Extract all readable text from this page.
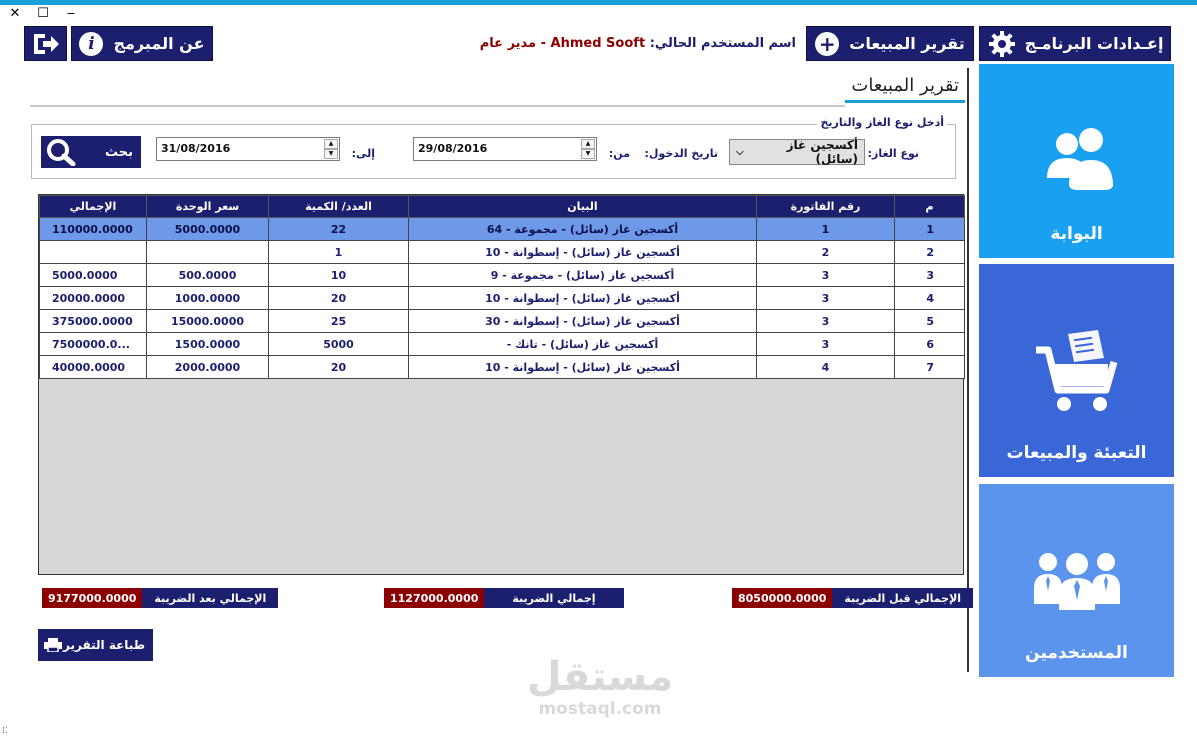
✕ ☐ ‒
i	عن المبرمج	اسم المستخدم الحالي: Ahmed Sooft - مدير عام	تقرير المبيعات
+	إعـدادات البرنامـج
تقرير المبيعات
أدخل نوع الغاز والتاريخ
نوع الغاز:
أكسجين غاز (سائل)
⌵
تاريخ الدخول:
من:
29/08/2016	▲
▼
إلى:
31/08/2016	▲
▼
بحث
م	رقم الفاتورة	البيان	العدد/ الكمية	سعر الوحدة	الإجمالي
1	1	أكسجين غاز (سائل) - مجموعة - 64	22	5000.0000	110000.0000
2	2	أكسجين غاز (سائل) - إسطوانة - 10	1		
3	3	أكسجين غاز (سائل) - مجموعة - 9	10	500.0000	5000.0000
4	3	أكسجين غاز (سائل) - إسطوانة - 10	20	1000.0000	20000.0000
5	3	أكسجين غاز (سائل) - إسطوانة - 30	25	15000.0000	375000.0000
6	3	أكسجين غاز (سائل) - تانك -	5000	1500.0000	7500000.0...
7	4	أكسجين غاز (سائل) - إسطوانة - 10	20	2000.0000	40000.0000
الإجمالي قبل الضريبة
8050000.0000
إجمالي الضريبة
1127000.0000
الإجمالي بعد الضريبة
9177000.0000
طباعة التقرير
البوابة
التعبئة والمبيعات
المستخدمين
مستقل
mostaql.com
⁞⁚
